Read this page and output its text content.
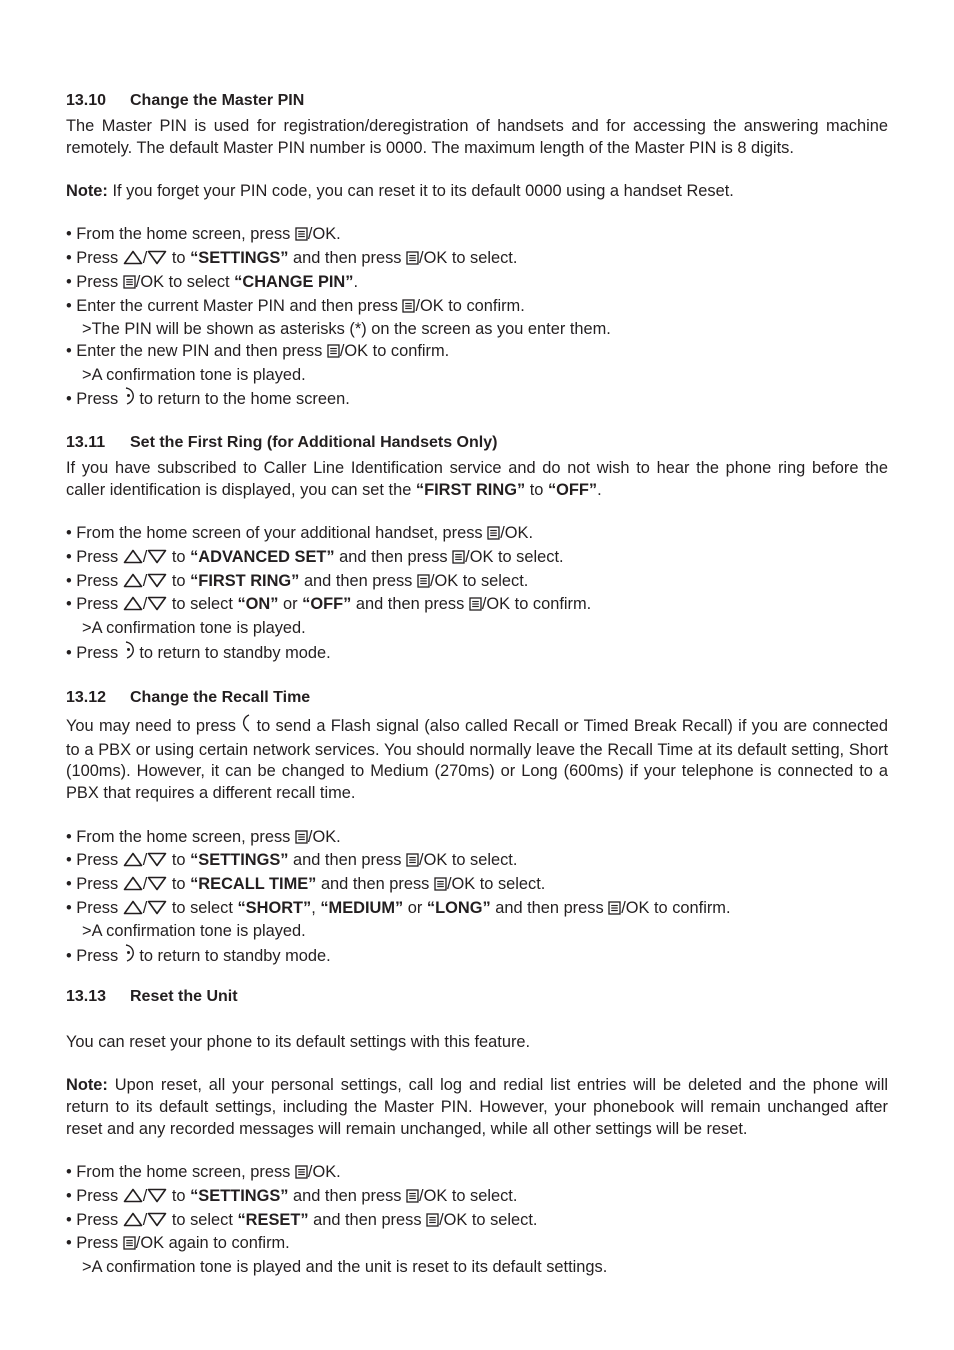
13.10 Change the Master PIN

The Master PIN is used for registration/deregistration of handsets and for accessing the answering machine remotely. The default Master PIN number is 0000. The maximum length of the Master PIN is 8 digits.

Note: If you forget your PIN code, you can reset it to its default 0000 using a handset Reset.

• From the home screen, press /OK.
• Press / to “SETTINGS” and then press /OK to select.
• Press /OK to select “CHANGE PIN”.
• Enter the current Master PIN and then press /OK to confirm.
>The PIN will be shown as asterisks (*) on the screen as you enter them.
• Enter the new PIN and then press /OK to confirm.
>A confirmation tone is played.
• Press  to return to the home screen.
13.11 Set the First Ring (for Additional Handsets Only)

If you have subscribed to Caller Line Identification service and do not wish to hear the phone ring before the caller identification is displayed, you can set the “FIRST RING” to “OFF”.

• From the home screen of your additional handset, press /OK.
• Press / to “ADVANCED SET” and then press /OK to select.
• Press / to “FIRST RING” and then press /OK to select.
• Press / to select “ON” or “OFF” and then press /OK to confirm.
>A confirmation tone is played.
• Press  to return to standby mode.
13.12 Change the Recall Time

You may need to press  to send a Flash signal (also called Recall or Timed Break Recall) if you are connected to a PBX or using certain network services. You should normally leave the Recall Time at its default setting, Short (100ms). However, it can be changed to Medium (270ms) or Long (600ms) if your telephone is connected to a PBX that requires a different recall time.

• From the home screen, press /OK.
• Press / to “SETTINGS” and then press /OK to select.
• Press / to “RECALL TIME” and then press /OK to select.
• Press / to select “SHORT”, “MEDIUM” or “LONG” and then press /OK to confirm.
>A confirmation tone is played.
• Press  to return to standby mode.
13.13 Reset the Unit

You can reset your phone to its default settings with this feature.

Note: Upon reset, all your personal settings, call log and redial list entries will be deleted and the phone will return to its default settings, including the Master PIN. However, your phonebook will remain unchanged after reset and any recorded messages will remain unchanged, while all other settings will be reset.

• From the home screen, press /OK.
• Press / to “SETTINGS” and then press /OK to select.
• Press / to select “RESET” and then press /OK to select.
• Press /OK again to confirm.
>A confirmation tone is played and the unit is reset to its default settings.
